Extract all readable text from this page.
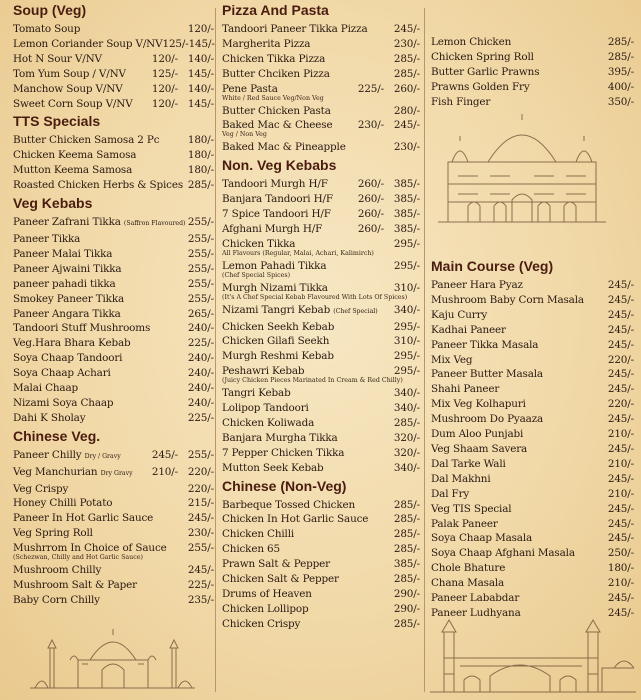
Soup (Veg)
Tomato Soup	120/-
Lemon Coriander Soup V/NV 125/- 145/-
Hot N Sour V/NV	120/- 140/-
Tom Yum Soup / V/NV	125/- 145/-
Manchow Soup V/NV	120/- 140/-
Sweet Corn Soup V/NV	120/- 145/-
TTS Specials
Butter Chicken Samosa 2 Pc	180/-
Chicken Keema Samosa	180/-
Mutton Keema Samosa	180/-
Roasted Chicken Herbs & Spices 285/-
Veg Kebabs
Paneer Zafrani Tikka (Saffron Flavoured) 255/-
Paneer Tikka	255/-
Paneer Malai Tikka	255/-
Paneer Ajwaini Tikka	255/-
paneer pahadi tikka	255/-
Smokey Paneer Tikka	255/-
Paneer Angara Tikka	265/-
Tandoori Stuff Mushrooms	240/-
Veg.Hara Bhara Kebab	225/-
Soya Chaap Tandoori	240/-
Soya Chaap Achari	240/-
Malai Chaap	240/-
Nizami Soya Chaap	240/-
Dahi K Sholay	225/-
Chinese Veg.
Paneer Chilly Dry / Gravy	245/- 255/-
Veg Manchurian Dry Gravy	210/- 220/-
Veg Crispy	220/-
Honey Chilli Potato	215/-
Paneer In Hot Garlic Sauce	245/-
Veg Spring Roll	230/-
Mushrrom In Choice of Sauce 255/-
(Schezwan, Chilly and Hot Garlic Sauce)
Mushroom Chilly	245/-
Mushroom Salt & Paper	225/-
Baby Corn Chilly	235/-
Pizza And Pasta
Tandoori Paneer Tikka Pizza	245/-
Margherita Pizza	230/-
Chicken Tikka Pizza	285/-
Butter Chciken Pizza	285/-
Pene Pasta	225/- 260/-
White / Red Sauce Veg/Non Veg
Butter Chicken Pasta	280/-
Baked Mac & Cheese	230/- 245/-
Veg / Non Veg
Baked Mac & Pineapple	230/-
Non. Veg Kebabs
Tandoori Murgh H/F	260/- 385/-
Banjara Tandoori H/F	260/- 385/-
7 Spice Tandoori H/F	260/- 385/-
Afghani Murgh H/F	260/- 385/-
Chicken Tikka	295/-
All Flavours (Regular, Malai, Achari, Kalimirch)
Lemon Pahadi Tikka	295/-
(Chef Special Spices)
Murgh Nizami Tikka	310/-
(It's A Chef Special Kebab Flavoured With Lots Of Spices)
Nizami Tangri Kebab (Chef Special) 340/-
Chicken Seekh Kebab	295/-
Chicken Gilafi Seekh	310/-
Murgh Reshmi Kebab	295/-
Peshawri Kebab	295/-
(Juicy Chicken Pieces Marinated In Cream & Red Chilly)
Tangri Kebab	340/-
Lolipop Tandoori	340/-
Chicken Koliwada	285/-
Banjara Murgha Tikka	320/-
7 Pepper Chicken Tikka	320/-
Mutton Seek Kebab	340/-
Chinese (Non-Veg)
Barbeque Tossed Chicken	285/-
Chicken In Hot Garlic Sauce 285/-
Chicken Chilli	285/-
Chicken 65	285/-
Prawn Salt & Pepper	385/-
Chicken Salt & Pepper	285/-
Drums of Heaven	290/-
Chicken Lollipop	290/-
Chicken Crispy	285/-
Lemon Chicken	285/-
Chicken Spring Roll	285/-
Butter Garlic Prawns	395/-
Prawns Golden Fry	400/-
Fish Finger	350/-
Main Course (Veg)
Paneer Hara Pyaz	245/-
Mushroom Baby Corn Masala 245/-
Kaju Curry	245/-
Kadhai Paneer	245/-
Paneer Tikka Masala	245/-
Mix Veg	220/-
Paneer Butter Masala	245/-
Shahi Paneer	245/-
Mix Veg Kolhapuri	220/-
Mushroom Do Pyaaza	245/-
Dum Aloo Punjabi	210/-
Veg Shaam Savera	245/-
Dal Tarke Wali	210/-
Dal Makhni	245/-
Dal Fry	210/-
Veg TIS Special	245/-
Palak Paneer	245/-
Soya Chaap Masala	245/-
Soya Chaap Afghani Masala	250/-
Chole Bhature	180/-
Chana Masala	210/-
Paneer Lababdar	245/-
Paneer Ludhyana	245/-
